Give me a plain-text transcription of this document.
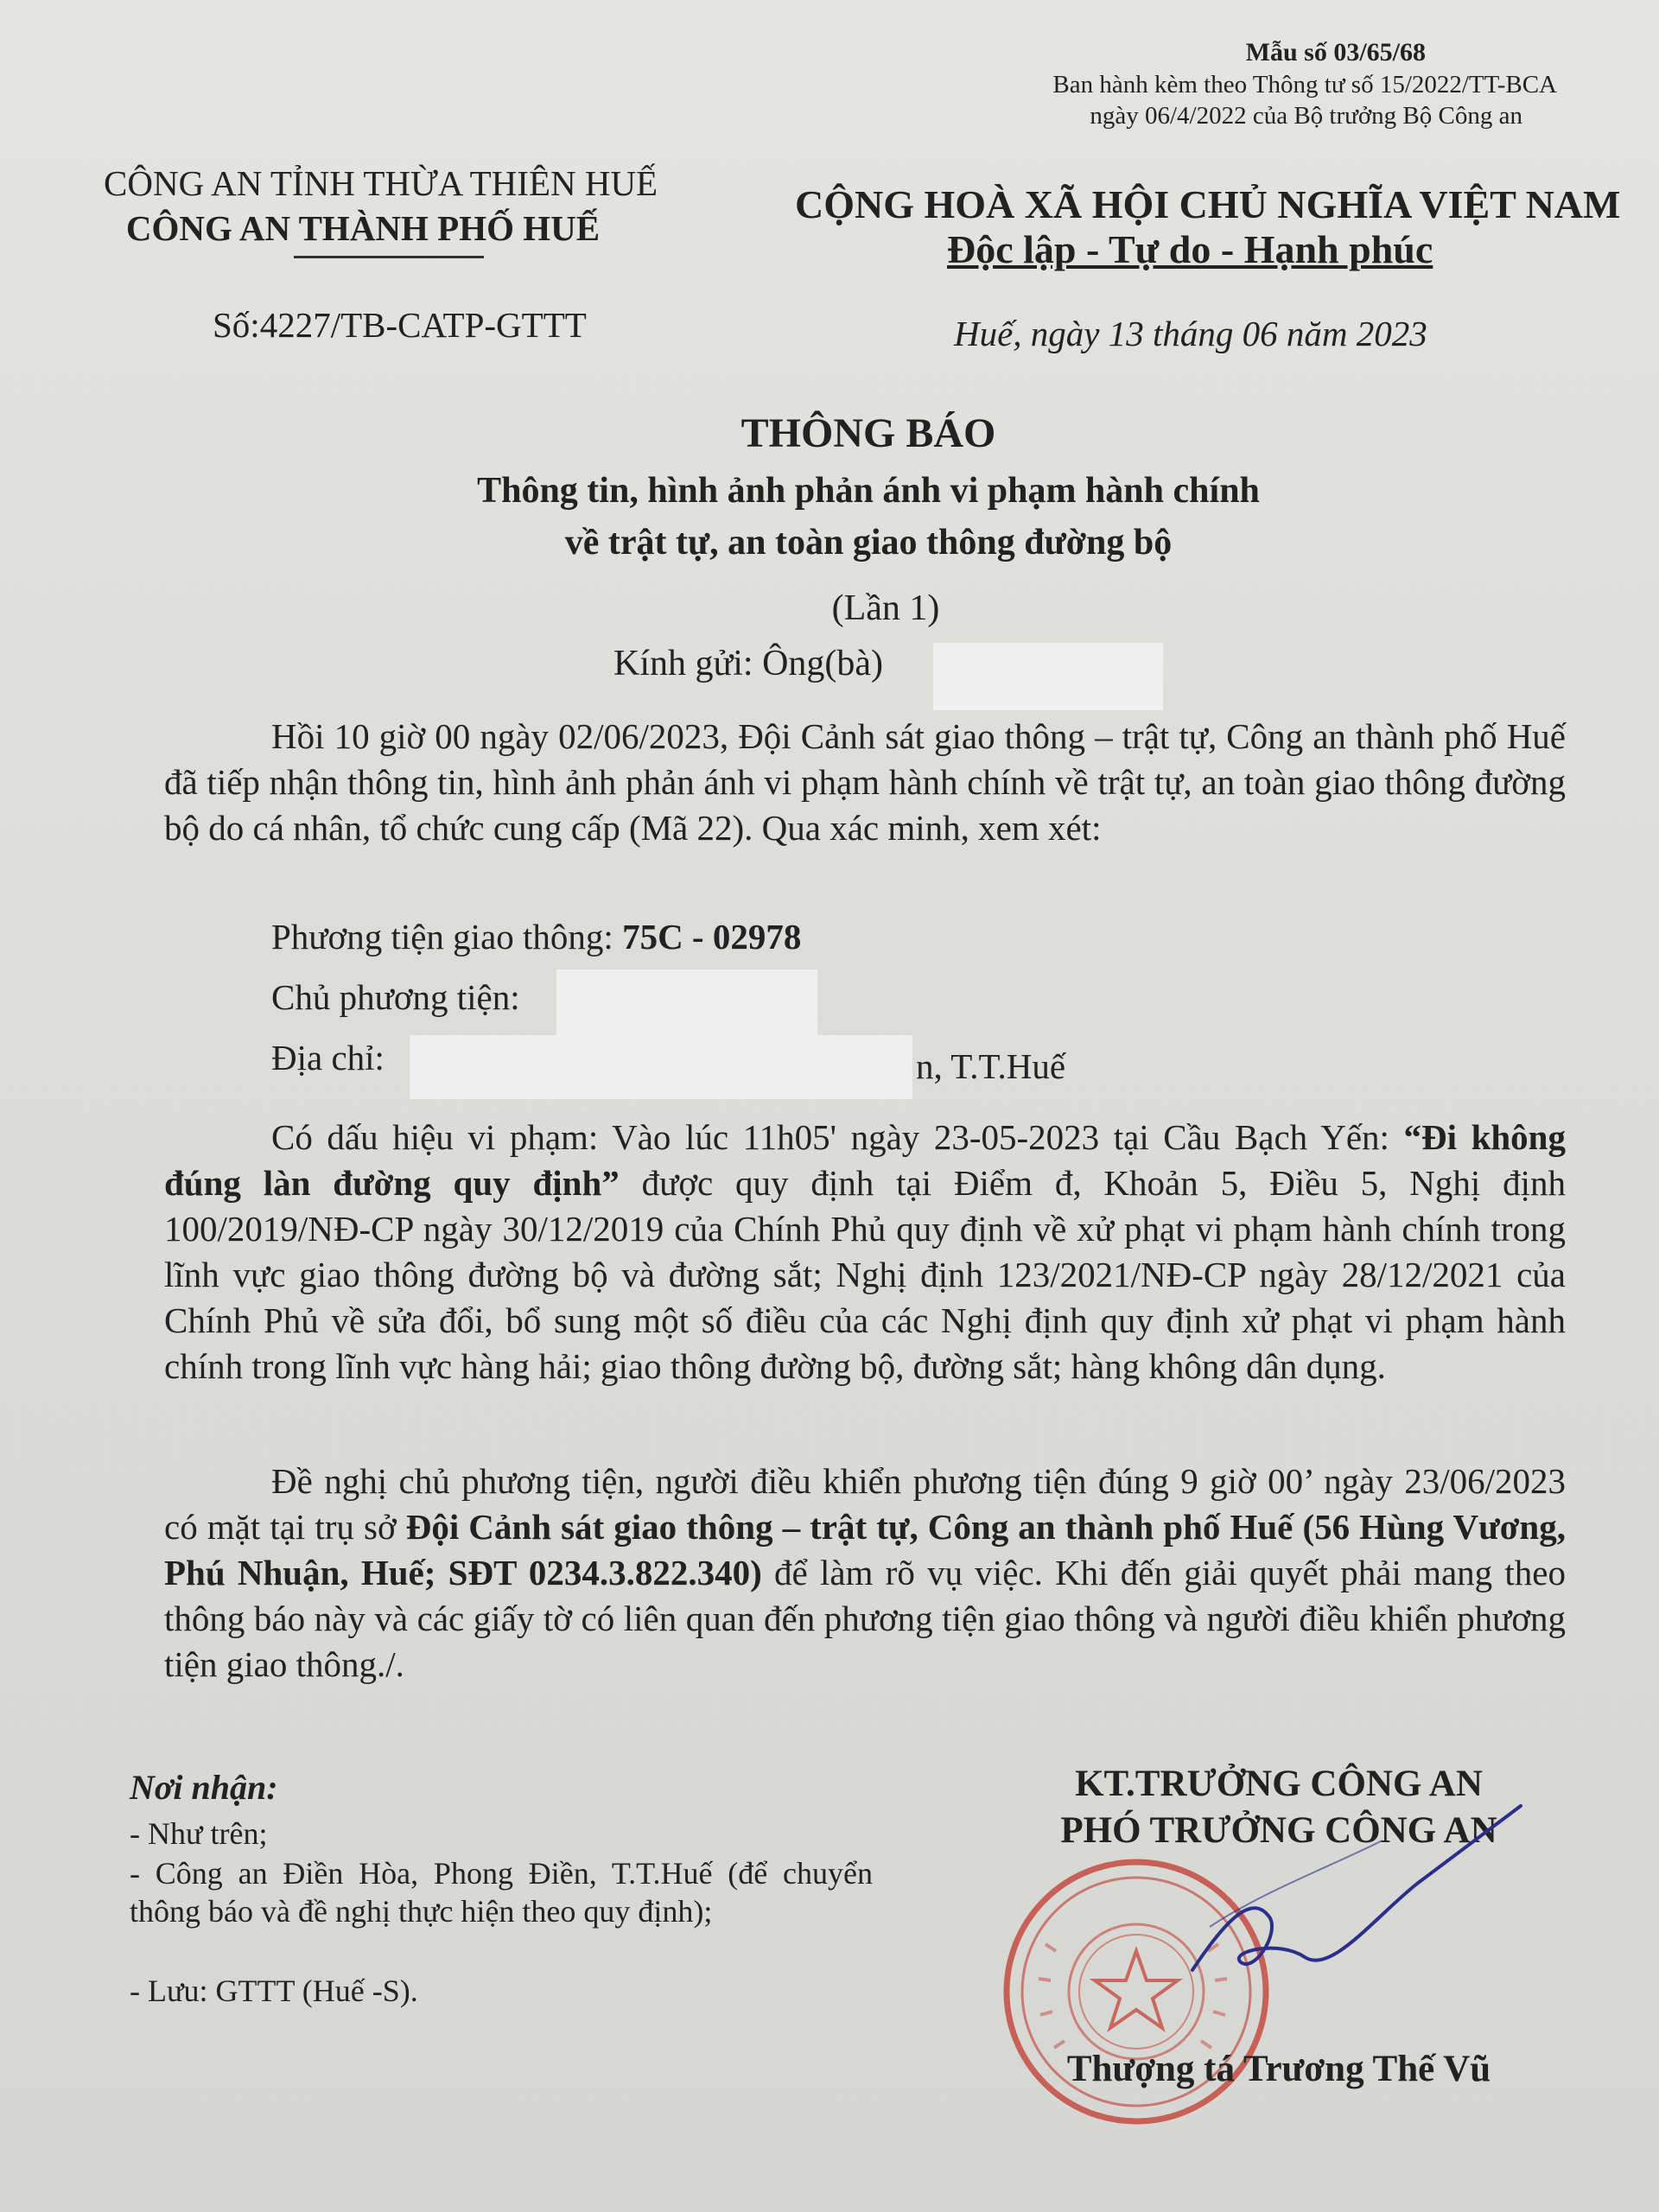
Mẫu số 03/65/68
Ban hành kèm theo Thông tư số 15/2022/TT-BCA
ngày 06/4/2022 của Bộ trưởng Bộ Công an
CÔNG AN TỈNH THỪA THIÊN HUẾ
CÔNG AN THÀNH PHỐ HUẾ
Số:4227/TB-CATP-GTTT
CỘNG HOÀ XÃ HỘI CHỦ NGHĨA VIỆT NAM
Độc lập - Tự do - Hạnh phúc
Huế, ngày 13 tháng 06 năm 2023
THÔNG BÁO
Thông tin, hình ảnh phản ánh vi phạm hành chính
về trật tự, an toàn giao thông đường bộ
(Lần 1)
Kính gửi: Ông(bà)
Hồi 10 giờ 00 ngày 02/06/2023, Đội Cảnh sát giao thông – trật tự, Công an thành phố Huế đã tiếp nhận thông tin, hình ảnh phản ánh vi phạm hành chính về trật tự, an toàn giao thông đường bộ do cá nhân, tổ chức cung cấp (Mã 22). Qua xác minh, xem xét:
Phương tiện giao thông: 75C - 02978
Chủ phương tiện:
Địa chỉ:	n, T.T.Huế
Có dấu hiệu vi phạm: Vào lúc 11h05' ngày 23-05-2023 tại Cầu Bạch Yến: “Đi không đúng làn đường quy định” được quy định tại Điểm đ, Khoản 5, Điều 5, Nghị định 100/2019/NĐ-CP ngày 30/12/2019 của Chính Phủ quy định về xử phạt vi phạm hành chính trong lĩnh vực giao thông đường bộ và đường sắt; Nghị định 123/2021/NĐ-CP ngày 28/12/2021 của Chính Phủ về sửa đổi, bổ sung một số điều của các Nghị định quy định xử phạt vi phạm hành chính trong lĩnh vực hàng hải; giao thông đường bộ, đường sắt; hàng không dân dụng.
Đề nghị chủ phương tiện, người điều khiển phương tiện đúng 9 giờ 00’ ngày 23/06/2023 có mặt tại trụ sở Đội Cảnh sát giao thông – trật tự, Công an thành phố Huế (56 Hùng Vương, Phú Nhuận, Huế; SĐT 0234.3.822.340) để làm rõ vụ việc. Khi đến giải quyết phải mang theo thông báo này và các giấy tờ có liên quan đến phương tiện giao thông và người điều khiển phương tiện giao thông./.
Nơi nhận:
- Như trên;
- Công an Điền Hòa, Phong Điền, T.T.Huế (để chuyển thông báo và đề nghị thực hiện theo quy định);
- Lưu: GTTT (Huế -S).
KT.TRƯỞNG CÔNG AN
PHÓ TRƯỞNG CÔNG AN
Thượng tá Trương Thế Vũ
